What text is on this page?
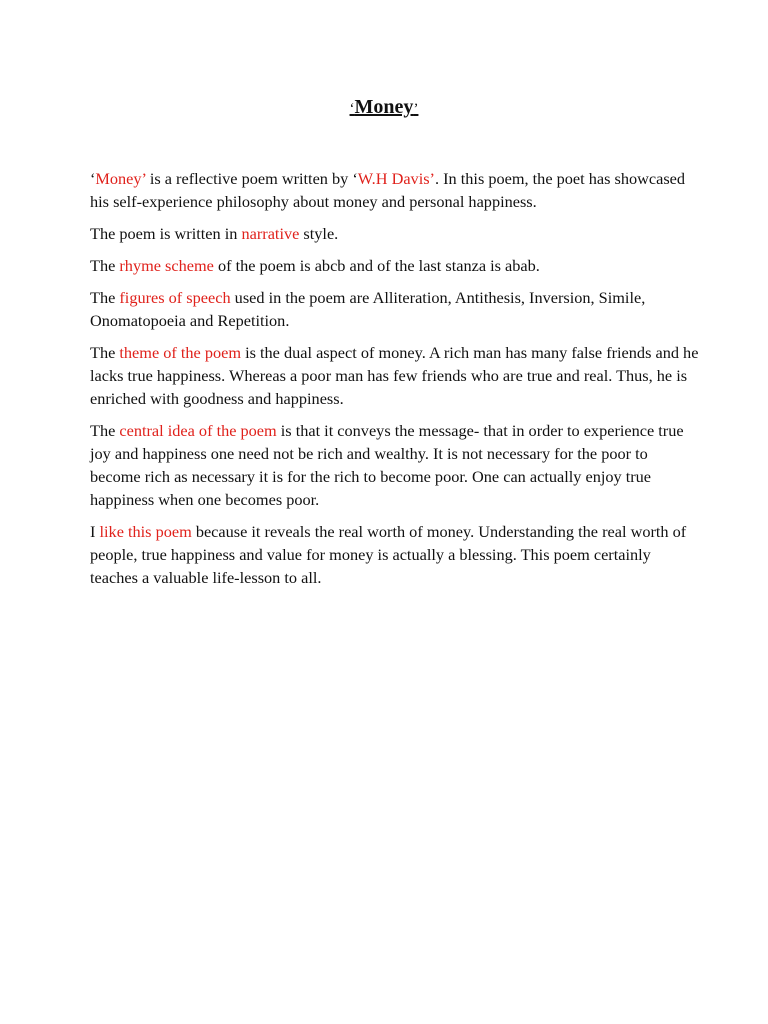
‘Money’

‘Money’ is a reflective poem written by ‘W.H Davis’. In this poem, the poet has showcased his self-experience philosophy about money and personal happiness.

The poem is written in narrative style.

The rhyme scheme of the poem is abcb and of the last stanza is abab.

The figures of speech used in the poem are Alliteration, Antithesis, Inversion, Simile, Onomatopoeia and Repetition.

The theme of the poem is the dual aspect of money. A rich man has many false friends and he lacks true happiness. Whereas a poor man has few friends who are true and real. Thus, he is enriched with goodness and happiness.

The central idea of the poem is that it conveys the message- that in order to experience true joy and happiness one need not be rich and wealthy. It is not necessary for the poor to become rich as necessary it is for the rich to become poor. One can actually enjoy true happiness when one becomes poor.

I like this poem because it reveals the real worth of money. Understanding the real worth of people, true happiness and value for money is actually a blessing. This poem certainly teaches a valuable life-lesson to all.
